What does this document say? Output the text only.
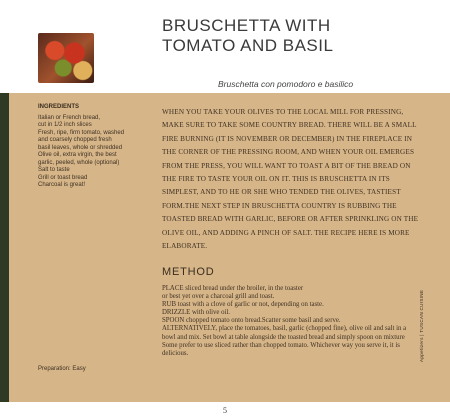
BRUSCHETTA WITH
TOMATO AND BASIL
Bruschetta con pomodoro e basilico
INGREDIENTS
Italian or French bread,
cut in 1/2 inch slices
Fresh, ripe, firm tomato, washed
and coarsely chopped fresh
basil leaves, whole or shredded
Olive oil, extra virgin, the best
garlic, peeled, whole (optional)
Salt to taste
Grill or toast bread
Charcoal is great!
Preparation: Easy
WHEN YOU TAKE YOUR OLIVES TO THE LOCAL MILL FOR PRESSING, MAKE SURE TO TAKE SOME COUNTRY BREAD. THERE WILL BE A SMALL FIRE BURNING (IT IS NOVEMBER OR DECEMBER) IN THE FIREPLACE IN THE CORNER OF THE PRESSING ROOM, AND WHEN YOUR OIL EMERGES FROM THE PRESS, YOU WILL WANT TO TOAST A BIT OF THE BREAD ON THE FIRE TO TASTE YOUR OIL ON IT. THIS IS BRUSCHETTA IN ITS SIMPLEST, AND TO HE OR SHE WHO TENDED THE OLIVES, TASTIEST FORM.THE NEXT STEP IN BRUSCHETTA COUNTRY IS RUBBING THE TOASTED BREAD WITH GARLIC, BEFORE OR AFTER SPRINKLING ON THE OLIVE OIL, AND ADDING A PINCH OF SALT. THE RECIPE HERE IS MORE ELABORATE.
METHOD
PLACE sliced bread under the broiler, in the toaster
or best yet over a charcoal grill and toast.
RUB toast with a clove of garlic or not, depending on taste.
DRIZZLE with olive oil.
SPOON chopped tomato onto bread.Scatter some basil and serve.
ALTERNATIVELY, place the tomatoes, basil, garlic (chopped fine), olive oil and salt in a bowl and mix. Set bowl at table alongside the toasted bread and simply spoon on mixture Some prefer to use sliced rather than chopped tomato. Whichever way you serve it, it is delicious.	Appetizers | TUSCAN CUISINE
5
